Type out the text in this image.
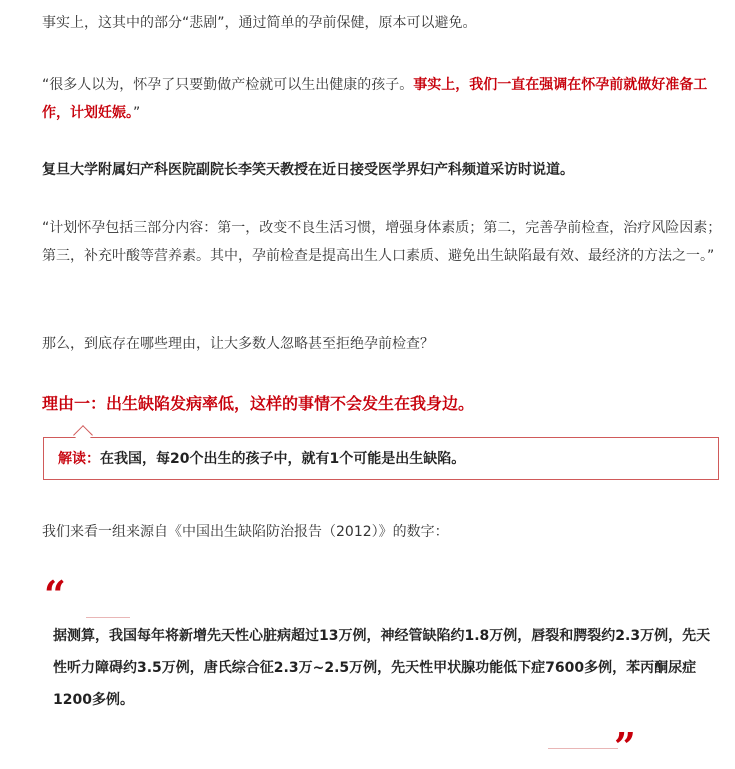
事实上，这其中的部分“悲剧”，通过简单的孕前保健，原本可以避免。

“很多人以为，怀孕了只要勤做产检就可以生出健康的孩子。事实上，我们一直在强调在怀孕前就做好准备工作，计划妊娠。”

复旦大学附属妇产科医院副院长李笑天教授在近日接受医学界妇产科频道采访时说道。

“计划怀孕包括三部分内容：第一，改变不良生活习惯，增强身体素质；第二，完善孕前检查，治疗风险因素；第三，补充叶酸等营养素。其中，孕前检查是提高出生人口素质、避免出生缺陷最有效、最经济的方法之一。”

那么，到底存在哪些理由，让大多数人忽略甚至拒绝孕前检查？

理由一：出生缺陷发病率低，这样的事情不会发生在我身边。
解读：在我国，每20个出生的孩子中，就有1个可能是出生缺陷。

我们来看一组来源自《中国出生缺陷防治报告（2012）》的数字：

“

据测算，我国每年将新增先天性心脏病超过13万例，神经管缺陷约1.8万例，唇裂和腭裂约2.3万例，先天性听力障碍约3.5万例，唐氏综合征2.3万~2.5万例，先天性甲状腺功能低下症7600多例，苯丙酮尿症1200多例。

”
